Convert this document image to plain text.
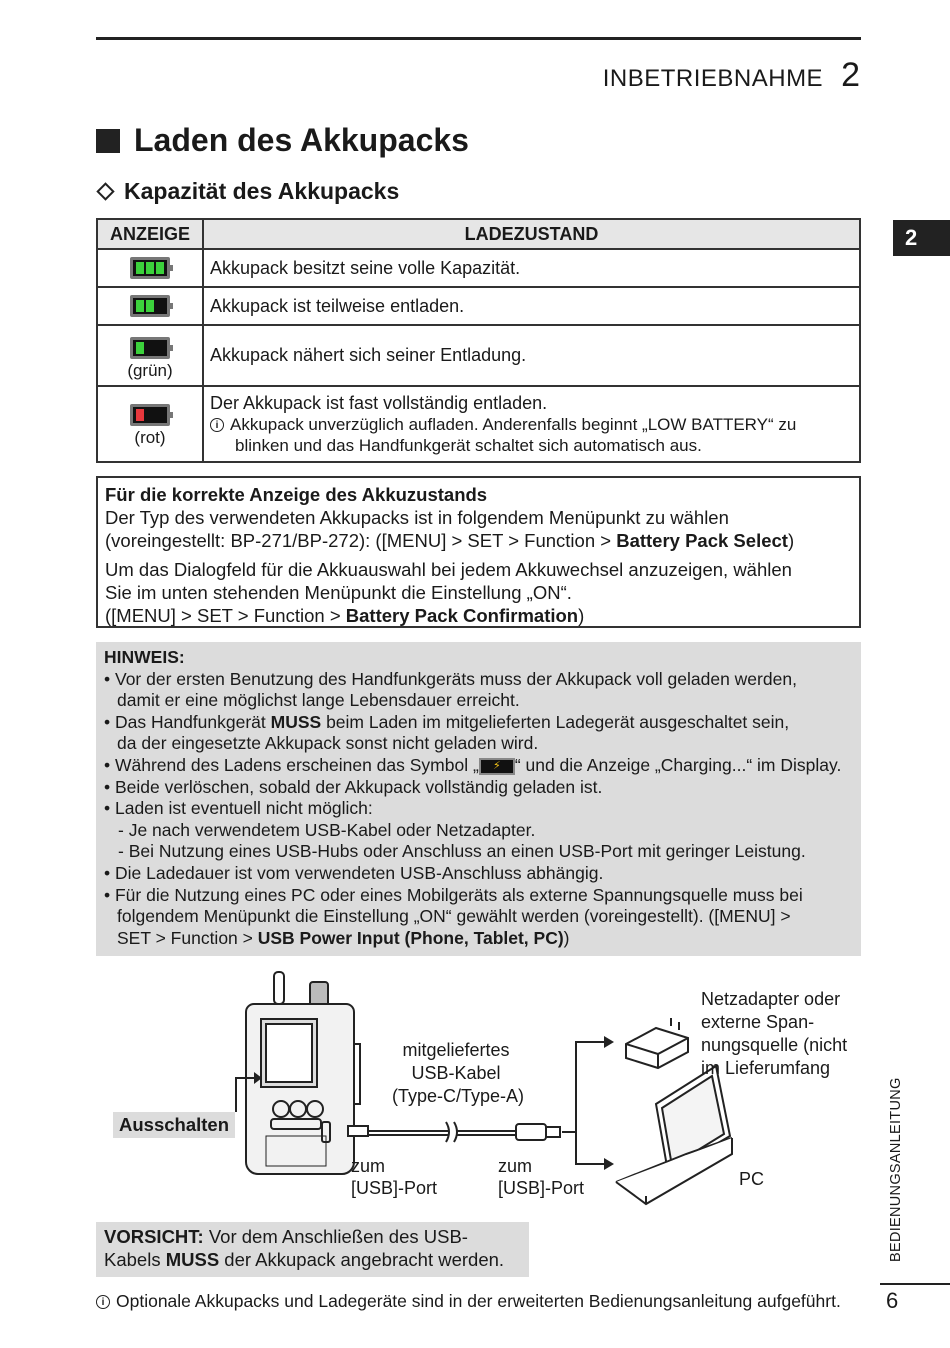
INBETRIEBNAHME 2
2
Laden des Akkupacks
Kapazität des Akkupacks
ANZEIGE	LADEZUSTAND

	Akkupack besitzt seine volle Kapazität.

	Akkupack ist teilweise entladen.

(grün)	Akkupack nähert sich seiner Entladung.

(rot)	Der Akkupack ist fast vollständig entladen.
i Akkupack unverzüglich aufladen. Anderenfalls beginnt „LOW BATTERY“ zu
blinken und das Handfunkgerät schaltet sich automatisch aus.
Für die korrekte Anzeige des Akkuzustands
Der Typ des verwendeten Akkupacks ist in folgendem Menüpunkt zu wählen
(voreingestellt: BP-271/BP-272): ([MENU] > SET > Function > Battery Pack Select)
Um das Dialogfeld für die Akkuauswahl bei jedem Akkuwechsel anzuzeigen, wählen
Sie im unten stehenden Menüpunkt die Einstellung „ON“.
([MENU] > SET > Function > Battery Pack Confirmation)
HINWEIS:
• Vor der ersten Benutzung des Handfunkgeräts muss der Akkupack voll geladen werden,
damit er eine möglichst lange Lebensdauer erreicht.
• Das Handfunkgerät MUSS beim Laden im mitgelieferten Ladegerät ausgeschaltet sein,
da der eingesetzte Akkupack sonst nicht geladen wird.
• Während des Ladens erscheinen das Symbol „ ⚡ “ und die Anzeige „Charging...“ im Display.
• Beide verlöschen, sobald der Akkupack vollständig geladen ist.
• Laden ist eventuell nicht möglich:
- Je nach verwendetem USB-Kabel oder Netzadapter.
- Bei Nutzung eines USB-Hubs oder Anschluss an einen USB-Port mit geringer Leistung.
• Die Ladedauer ist vom verwendeten USB-Anschluss abhängig.
• Für die Nutzung eines PC oder eines Mobilgeräts als externe Spannungsquelle muss bei
folgendem Menüpunkt die Einstellung „ON“ gewählt werden (voreingestellt). ([MENU] >
SET > Function > USB Power Input (Phone, Tablet, PC))
mitgeliefertes
USB-Kabel
(Type-C/Type-A)
zum
[USB]-Port
zum
[USB]-Port
Netzadapter oder
externe Span-
nungsquelle (nicht
im Lieferumfang
PC
Ausschalten
VORSICHT: Vor dem Anschließen des USB-
Kabels MUSS der Akkupack angebracht werden.
i Optionale Akkupacks und Ladegeräte sind in der erweiterten Bedienungsanleitung aufgeführt.
BEDIENUNGSANLEITUNG
6
